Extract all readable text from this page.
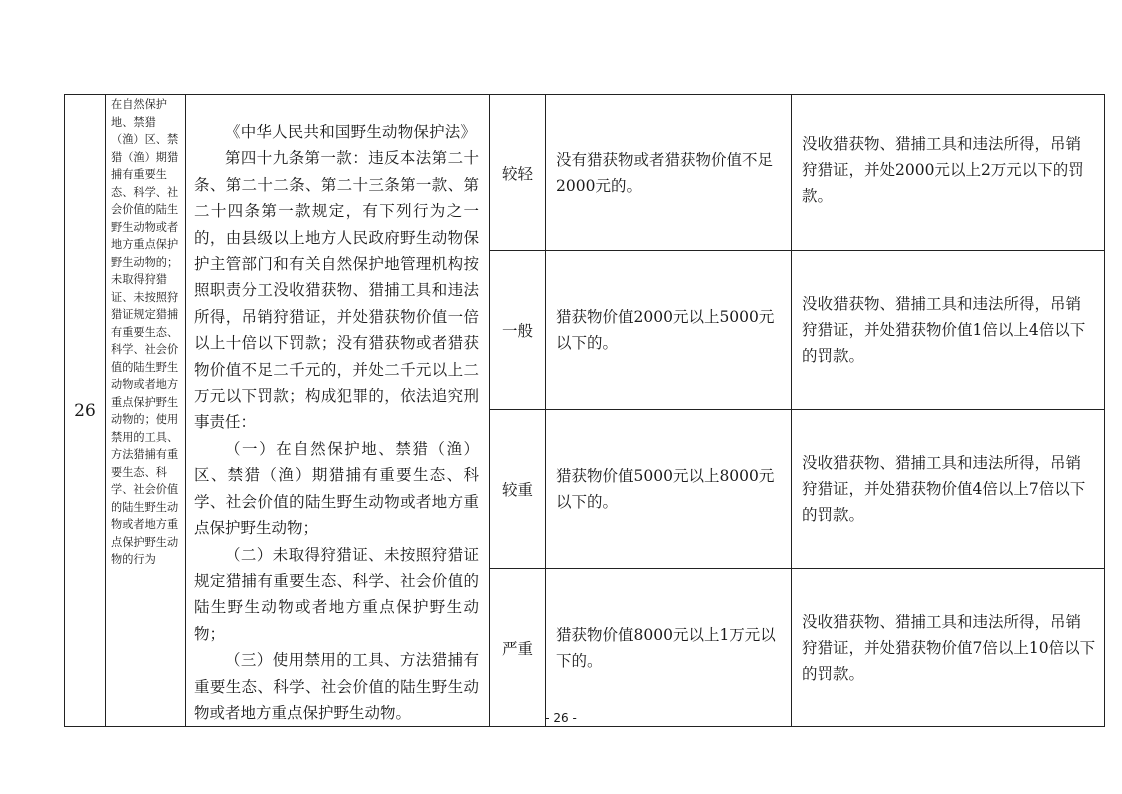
26	在自然保护地、禁猎（渔）区、禁猎（渔）期猎捕有重要生态、科学、社会价值的陆生野生动物或者地方重点保护野生动物的；未取得狩猎证、未按照狩猎证规定猎捕有重要生态、科学、社会价值的陆生野生动物或者地方重点保护野生动物的；使用禁用的工具、方法猎捕有重要生态、科学、社会价值的陆生野生动物或者地方重点保护野生动物的行为	《中华人民共和国野生动物保护法》
第四十九条第一款：违反本法第二十条、第二十二条、第二十三条第一款、第二十四条第一款规定，有下列行为之一的，由县级以上地方人民政府野生动物保护主管部门和有关自然保护地管理机构按照职责分工没收猎获物、猎捕工具和违法所得，吊销狩猎证，并处猎获物价值一倍以上十倍以下罚款；没有猎获物或者猎获物价值不足二千元的，并处二千元以上二万元以下罚款；构成犯罪的，依法追究刑事责任：
（一）在自然保护地、禁猎（渔）区、禁猎（渔）期猎捕有重要生态、科学、社会价值的陆生野生动物或者地方重点保护野生动物；
（二）未取得狩猎证、未按照狩猎证规定猎捕有重要生态、科学、社会价值的陆生野生动物或者地方重点保护野生动物；
（三）使用禁用的工具、方法猎捕有重要生态、科学、社会价值的陆生野生动物或者地方重点保护野生动物。	较轻	没有猎获物或者猎获物价值不足2000元的。	没收猎获物、猎捕工具和违法所得，吊销狩猎证，并处2000元以上2万元以下的罚款。
			一般	猎获物价值2000元以上5000元以下的。	没收猎获物、猎捕工具和违法所得，吊销狩猎证，并处猎获物价值1倍以上4倍以下的罚款。
			较重	猎获物价值5000元以上8000元以下的。	没收猎获物、猎捕工具和违法所得，吊销狩猎证，并处猎获物价值4倍以上7倍以下的罚款。
			严重	猎获物价值8000元以上1万元以下的。	没收猎获物、猎捕工具和违法所得，吊销狩猎证，并处猎获物价值7倍以上10倍以下的罚款。
- 26 -
